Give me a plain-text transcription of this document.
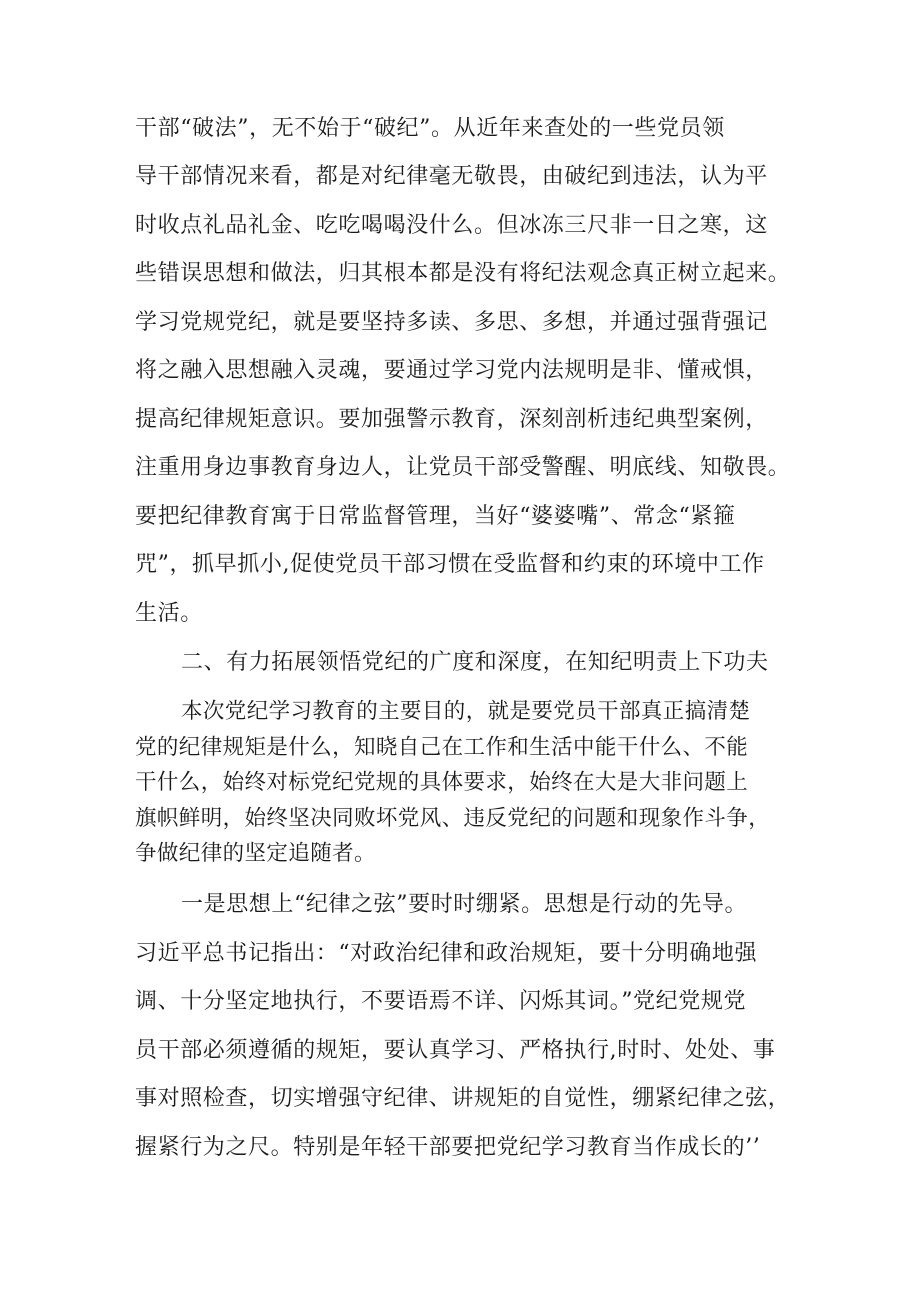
干部“破法”，无不始于“破纪”。从近年来查处的一些党员领
导干部情况来看，都是对纪律毫无敬畏，由破纪到违法，认为平
时收点礼品礼金、吃吃喝喝没什么。但冰冻三尺非一日之寒，这
些错误思想和做法，归其根本都是没有将纪法观念真正树立起来。
学习党规党纪，就是要坚持多读、多思、多想，并通过强背强记
将之融入思想融入灵魂，要通过学习党内法规明是非、懂戒惧，
提高纪律规矩意识。要加强警示教育，深刻剖析违纪典型案例，
注重用身边事教育身边人，让党员干部受警醒、明底线、知敬畏。
要把纪律教育寓于日常监督管理，当好“婆婆嘴”、常念“紧箍
咒”，抓早抓小,促使党员干部习惯在受监督和约束的环境中工作
生活。
二、有力拓展领悟党纪的广度和深度，在知纪明责上下功夫
本次党纪学习教育的主要目的，就是要党员干部真正搞清楚
党的纪律规矩是什么，知晓自己在工作和生活中能干什么、不能
干什么，始终对标党纪党规的具体要求，始终在大是大非问题上
旗帜鲜明，始终坚决同败坏党风、违反党纪的问题和现象作斗争，
争做纪律的坚定追随者。
一是思想上“纪律之弦”要时时绷紧。思想是行动的先导。
习近平总书记指出：“对政治纪律和政治规矩，要十分明确地强
调、十分坚定地执行，不要语焉不详、闪烁其词。”党纪党规党
员干部必须遵循的规矩，要认真学习、严格执行,时时、处处、事
事对照检查，切实增强守纪律、讲规矩的自觉性，绷紧纪律之弦，
握紧行为之尺。特别是年轻干部要把党纪学习教育当作成长的’’
